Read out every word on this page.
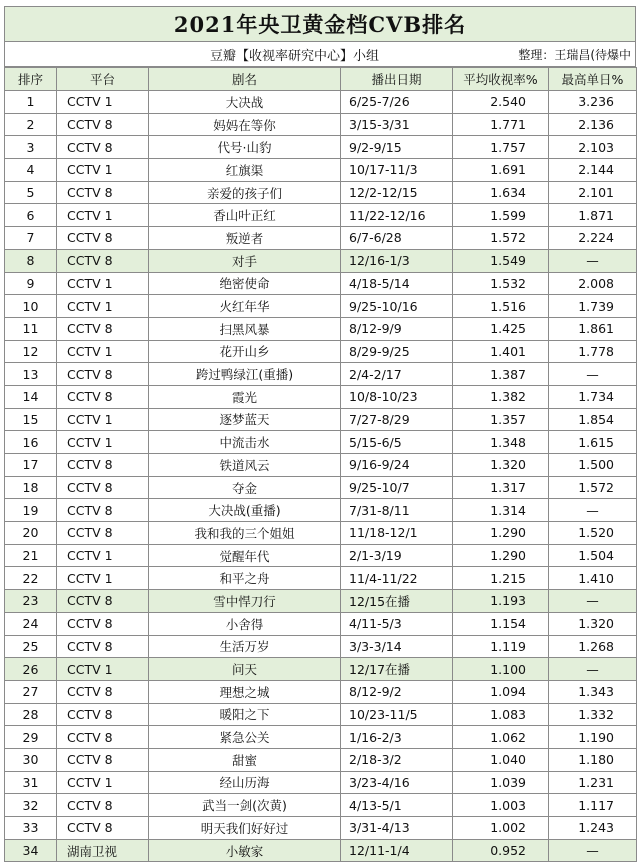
2021年央卫黄金档CVB排名
豆瓣【收视率研究中心】小组	整理：王瑞昌(待爆中
排序	平台	剧名	播出日期	平均收视率%	最高单日%
1	CCTV 1	大决战	6/25-7/26	2.540	3.236
2	CCTV 8	妈妈在等你	3/15-3/31	1.771	2.136
3	CCTV 8	代号·山豹	9/2-9/15	1.757	2.103
4	CCTV 1	红旗渠	10/17-11/3	1.691	2.144
5	CCTV 8	亲爱的孩子们	12/2-12/15	1.634	2.101
6	CCTV 1	香山叶正红	11/22-12/16	1.599	1.871
7	CCTV 8	叛逆者	6/7-6/28	1.572	2.224
8	CCTV 8	对手	12/16-1/3	1.549	—
9	CCTV 1	绝密使命	4/18-5/14	1.532	2.008
10	CCTV 1	火红年华	9/25-10/16	1.516	1.739
11	CCTV 8	扫黑风暴	8/12-9/9	1.425	1.861
12	CCTV 1	花开山乡	8/29-9/25	1.401	1.778
13	CCTV 8	跨过鸭绿江(重播)	2/4-2/17	1.387	—
14	CCTV 8	霞光	10/8-10/23	1.382	1.734
15	CCTV 1	逐梦蓝天	7/27-8/29	1.357	1.854
16	CCTV 1	中流击水	5/15-6/5	1.348	1.615
17	CCTV 8	铁道风云	9/16-9/24	1.320	1.500
18	CCTV 8	夺金	9/25-10/7	1.317	1.572
19	CCTV 8	大决战(重播)	7/31-8/11	1.314	—
20	CCTV 8	我和我的三个姐姐	11/18-12/1	1.290	1.520
21	CCTV 1	觉醒年代	2/1-3/19	1.290	1.504
22	CCTV 1	和平之舟	11/4-11/22	1.215	1.410
23	CCTV 8	雪中悍刀行	12/15在播	1.193	—
24	CCTV 8	小舍得	4/11-5/3	1.154	1.320
25	CCTV 8	生活万岁	3/3-3/14	1.119	1.268
26	CCTV 1	问天	12/17在播	1.100	—
27	CCTV 8	理想之城	8/12-9/2	1.094	1.343
28	CCTV 8	暖阳之下	10/23-11/5	1.083	1.332
29	CCTV 8	紧急公关	1/16-2/3	1.062	1.190
30	CCTV 8	甜蜜	2/18-3/2	1.040	1.180
31	CCTV 1	经山历海	3/23-4/16	1.039	1.231
32	CCTV 8	武当一剑(次黄)	4/13-5/1	1.003	1.117
33	CCTV 8	明天我们好好过	3/31-4/13	1.002	1.243
34	湖南卫视	小敏家	12/11-1/4	0.952	—
